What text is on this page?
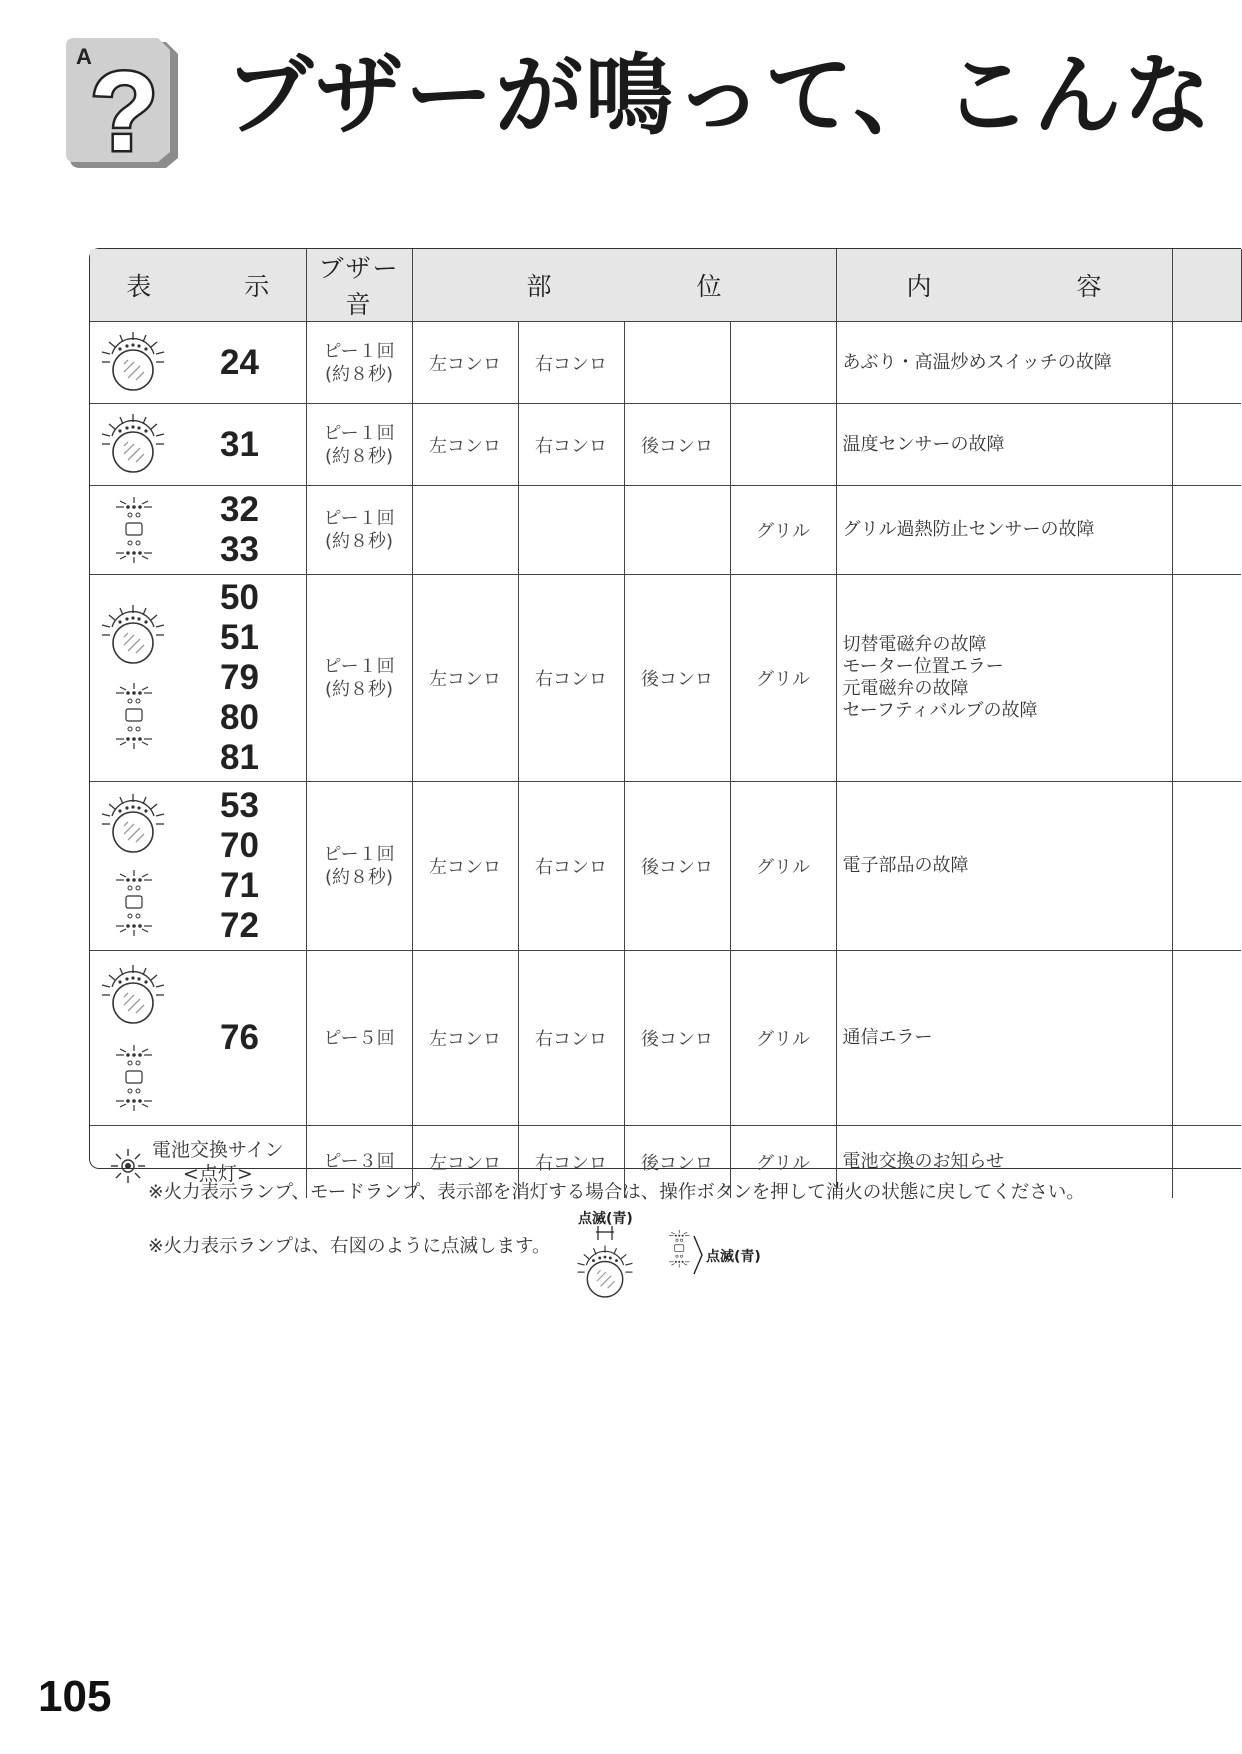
A
? ブザーが鳴って、こんな
表　示	ブザー音	部　位				内　容	

24	ピー１回
(約８秒)	左コンロ	右コンロ			あぶり・高温炒めスイッチの故障	

31	ピー１回
(約８秒)	左コンロ	右コンロ	後コンロ		温度センサーの故障	

32
33	ピー１回
(約８秒)				グリル	グリル過熱防止センサーの故障	

50
51
79
80
81	ピー１回
(約８秒)	左コンロ	右コンロ	後コンロ	グリル	切替電磁弁の故障
モーター位置エラー
元電磁弁の故障
セーフティバルブの故障	

53
70
71
72	ピー１回
(約８秒)	左コンロ	右コンロ	後コンロ	グリル	電子部品の故障	

76	ピー５回	左コンロ	右コンロ	後コンロ	グリル	通信エラー	

電池交換サイン
<点灯>	ピー３回	左コンロ	右コンロ	後コンロ	グリル	電池交換のお知らせ	

※火力表示ランプ、モードランプ、表示部を消灯する場合は、操作ボタンを押して消火の状態に戻してください。
※火力表示ランプは、右図のように点滅します。
点滅(青)
点滅(青)
105
